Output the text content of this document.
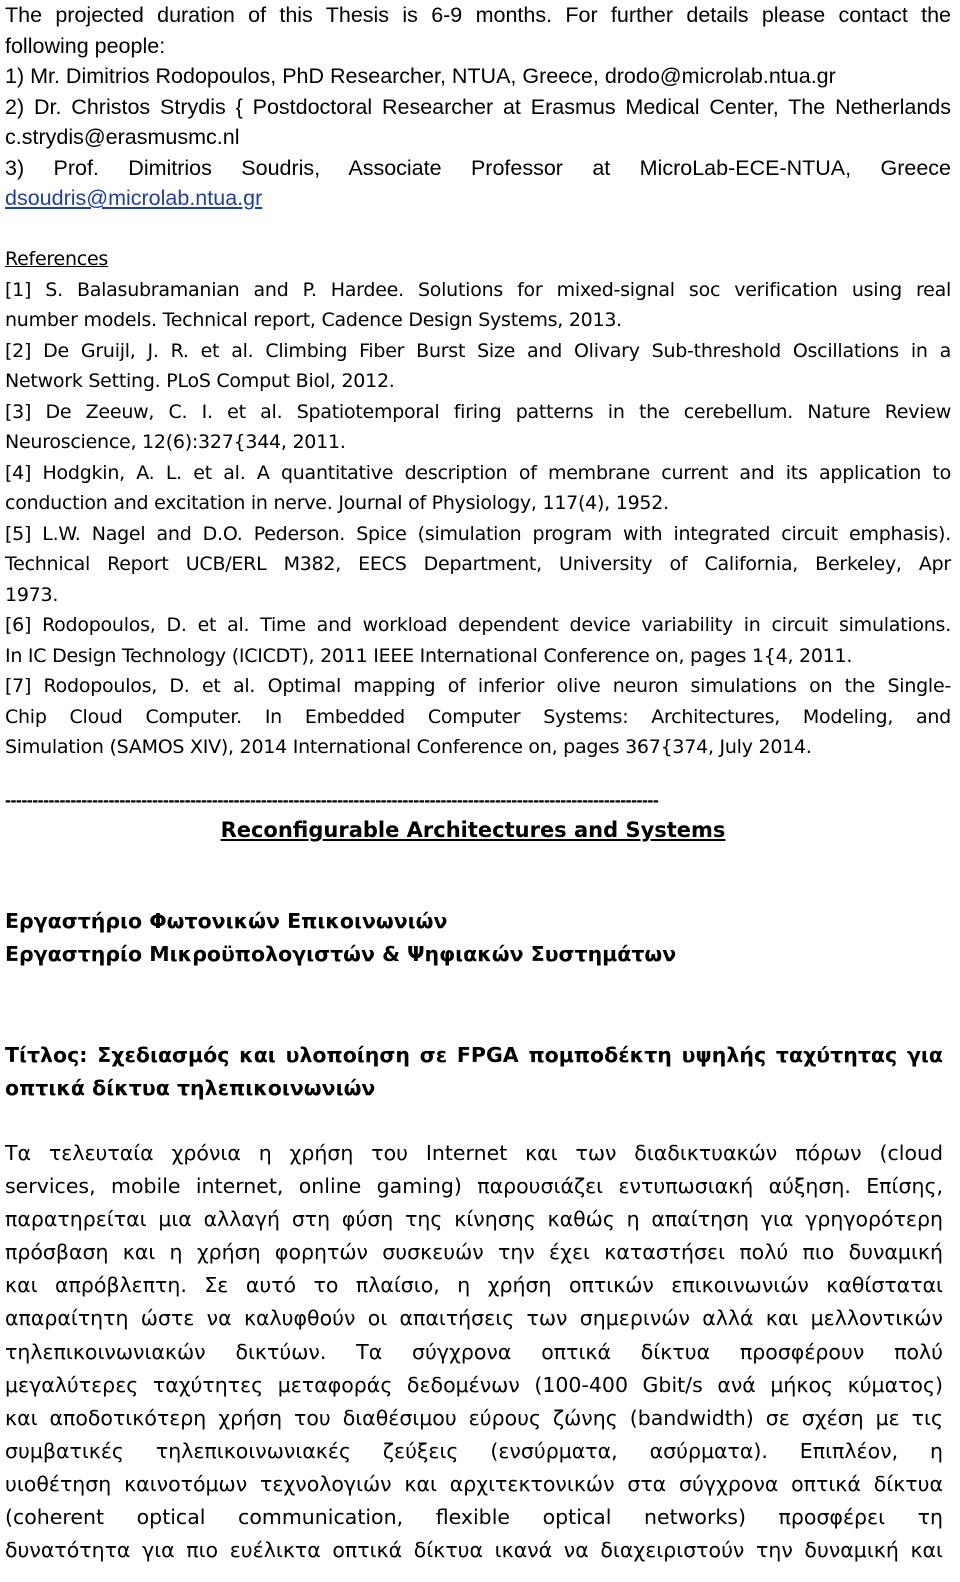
The projected duration of this Thesis is 6-9 months. For further details please contact the
following people:
1) Mr. Dimitrios Rodopoulos, PhD Researcher, NTUA, Greece, drodo@microlab.ntua.gr
2) Dr. Christos Strydis { Postdoctoral Researcher at Erasmus Medical Center, The Netherlands
c.strydis@erasmusmc.nl
3) Prof. Dimitrios Soudris, Associate Professor at MicroLab-ECE-NTUA, Greece
dsoudris@microlab.ntua.gr
References
[1] S. Balasubramanian and P. Hardee. Solutions for mixed-signal soc verification using real
number models. Technical report, Cadence Design Systems, 2013.
[2] De Gruijl, J. R. et al. Climbing Fiber Burst Size and Olivary Sub-threshold Oscillations in a
Network Setting. PLoS Comput Biol, 2012.
[3] De Zeeuw, C. I. et al. Spatiotemporal firing patterns in the cerebellum. Nature Review
Neuroscience, 12(6):327{344, 2011.
[4] Hodgkin, A. L. et al. A quantitative description of membrane current and its application to
conduction and excitation in nerve. Journal of Physiology, 117(4), 1952.
[5] L.W. Nagel and D.O. Pederson. Spice (simulation program with integrated circuit emphasis).
Technical Report UCB/ERL M382, EECS Department, University of California, Berkeley, Apr
1973.
[6] Rodopoulos, D. et al. Time and workload dependent device variability in circuit simulations.
In IC Design Technology (ICICDT), 2011 IEEE International Conference on, pages 1{4, 2011.
[7] Rodopoulos, D. et al. Optimal mapping of inferior olive neuron simulations on the Single-
Chip Cloud Computer. In Embedded Computer Systems: Architectures, Modeling, and
Simulation (SAMOS XIV), 2014 International Conference on, pages 367{374, July 2014.
------------------------------------------------------------------------------------------------------------------------
Reconfigurable Architectures and Systems
Εργαστήριο Φωτονικών Επικοινωνιών
Εργαστηρίο Μικροϋπολογιστών & Ψηφιακών Συστημάτων
Τίτλος: Σχεδιασμός και υλοποίηση σε FPGA πομποδέκτη υψηλής ταχύτητας για
οπτικά δίκτυα τηλεπικοινωνιών
Τα τελευταία χρόνια η χρήση του Internet και των διαδικτυακών πόρων (cloud
services, mobile internet, online gaming) παρουσιάζει εντυπωσιακή αύξηση. Επίσης,
παρατηρείται μια αλλαγή στη φύση της κίνησης καθώς η απαίτηση για γρηγορότερη
πρόσβαση και η χρήση φορητών συσκευών την έχει καταστήσει πολύ πιο δυναμική
και απρόβλεπτη. Σε αυτό το πλαίσιο, η χρήση οπτικών επικοινωνιών καθίσταται
απαραίτητη ώστε να καλυφθούν οι απαιτήσεις των σημερινών αλλά και μελλοντικών
τηλεπικοινωνιακών δικτύων. Τα σύγχρονα οπτικά δίκτυα προσφέρουν πολύ
μεγαλύτερες ταχύτητες μεταφοράς δεδομένων (100-400 Gbit/s ανά μήκος κύματος)
και αποδοτικότερη χρήση του διαθέσιμου εύρους ζώνης (bandwidth) σε σχέση με τις
συμβατικές τηλεπικοινωνιακές ζεύξεις (ενσύρματα, ασύρματα). Επιπλέον, η
υιοθέτηση καινοτόμων τεχνολογιών και αρχιτεκτονικών στα σύγχρονα οπτικά δίκτυα
(coherent optical communication, flexible optical networks) προσφέρει τη
δυνατότητα για πιο ευέλικτα οπτικά δίκτυα ικανά να διαχειριστούν την δυναμική και
